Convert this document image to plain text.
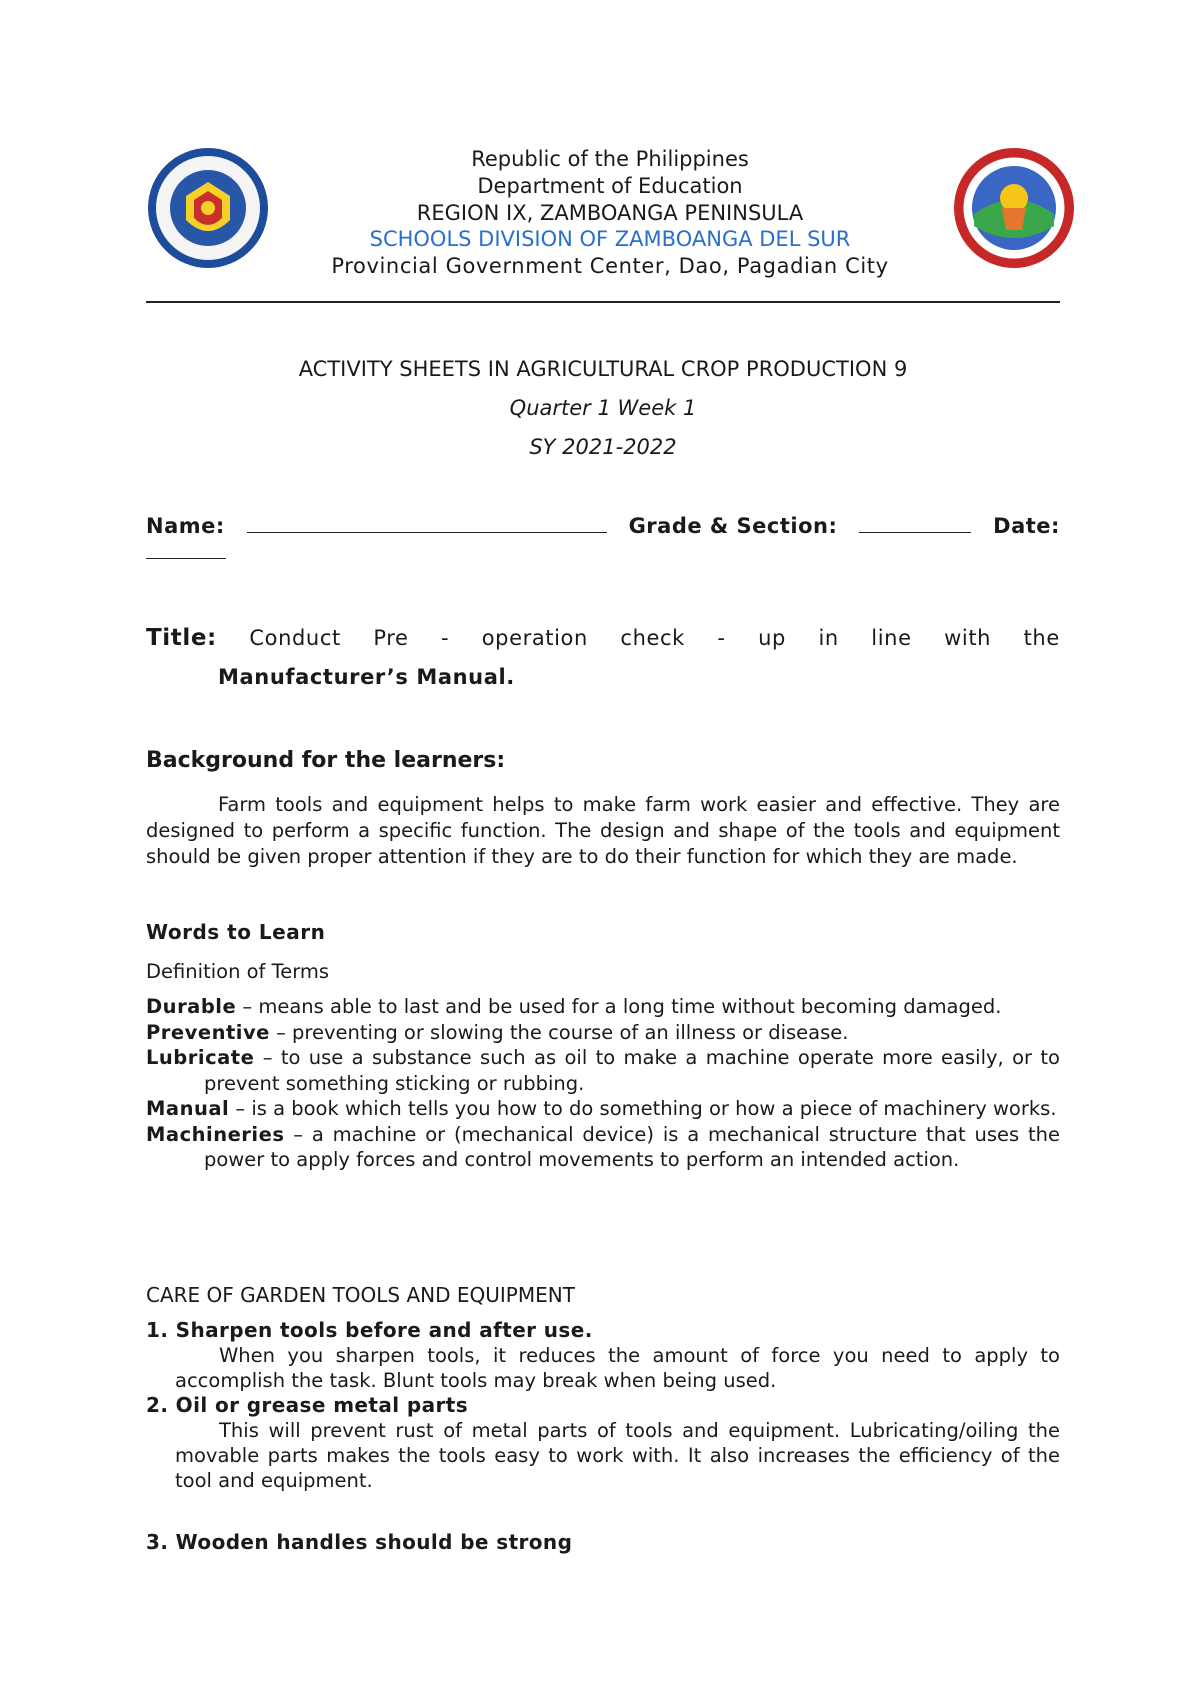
Republic of the Philippines
Department of Education
REGION IX, ZAMBOANGA PENINSULA
SCHOOLS DIVISION OF ZAMBOANGA DEL SUR
Provincial Government Center, Dao, Pagadian City
ACTIVITY SHEETS IN AGRICULTURAL CROP PRODUCTION 9
Quarter 1 Week 1
SY 2021-2022
Name:	Grade & Section:	Date:
Title: Conduct Pre - operation check - up in line with the
Manufacturer’s Manual.
Background for the learners:
Farm tools and equipment helps to make farm work easier and effective. They are designed to perform a specific function. The design and shape of the tools and equipment should be given proper attention if they are to do their function for which they are made.
Words to Learn
Definition of Terms
Durable – means able to last and be used for a long time without becoming damaged.
Preventive – preventing or slowing the course of an illness or disease.
Lubricate – to use a substance such as oil to make a machine operate more easily, or to prevent something sticking or rubbing.
Manual – is a book which tells you how to do something or how a piece of machinery works.
Machineries – a machine or (mechanical device) is a mechanical structure that uses the power to apply forces and control movements to perform an intended action.
CARE OF GARDEN TOOLS AND EQUIPMENT
1. Sharpen tools before and after use.
When you sharpen tools, it reduces the amount of force you need to apply to accomplish the task. Blunt tools may break when being used.
2. Oil or grease metal parts
This will prevent rust of metal parts of tools and equipment. Lubricating/oiling the movable parts makes the tools easy to work with. It also increases the efficiency of the tool and equipment.
3. Wooden handles should be strong
